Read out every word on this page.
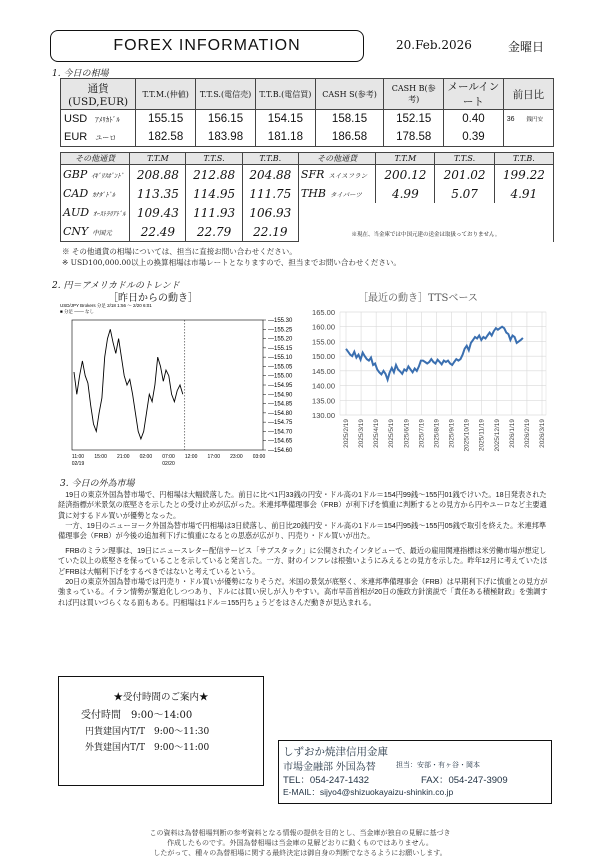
FOREX INFORMATION	20.Feb.2026	金曜日
1. 今日の相場
通貨(USD,EUR)	T.T.M.(仲値)	T.T.S.(電信売)	T.T.B.(電信買)	CASH S(参考)	CASH B(参考)	メールインート	前日比
USD ｱﾒﾘｶﾄﾞﾙ	155.15	156.15	154.15	158.15	152.15	0.40	36 銭円安
EUR ユーロ	182.58	183.98	181.18	186.58	178.58	0.39	
その他通貨	T.T.M	T.T.S.	T.T.B.	その他通貨	T.T.M	T.T.S.	T.T.B.
GBP ｲｷﾞﾘｽﾎﾟﾝﾄﾞ	208.88	212.88	204.88	SFR スイスフラン	200.12	201.02	199.22
CAD ｶﾅﾀﾞﾄﾞﾙ	113.35	114.95	111.75	THB タイバーツ	4.99	5.07	4.91
AUD ｵｰｽﾄﾗﾘｱﾄﾞﾙ	109.43	111.93	106.93	※現在、当金庫では中国元建の送金は取扱っておりません。			
CNY 中国元	22.49	22.79	22.19				
※ その他通貨の相場については、担当に直接お問い合わせください。
※ USD100,000.00以上の換算相場は市場レートとなりますので、担当までお問い合わせください。
2. 円＝アメリカドルのトレンド
［昨日からの動き］	［最近の動き］TTSベース
USD/JPY Brokers 分足 2/18 1:56 ～ 2/20 6:01
■ 分足 ─── なし
—155.30
—155.25
—155.20
—155.15
—155.10
—155.05
—155.00
—154.95
—154.90
—154.85
—154.80
—154.75
—154.70
—154.65
—154.60
11:00
02/19
15:00 21:00 02:00 07:00
02/20
12:00 17:00 23:00 03:00
165.00
160.00
155.00
150.00
145.00
140.00
135.00
130.00
2025/2/19 2025/3/19 2025/4/19 2025/5/19 2025/6/19 2025/7/19 2025/8/19 2025/9/19 2025/10/19 2025/11/19 2025/12/19 2026/1/19 2026/2/19 2026/3/19
3. 今日の外為市場
　19日の東京外国為替市場で、円相場は大幅続落した。前日に比べ1円33銭の円安・ドル高の1ドル＝154円99銭～155円01銭でけいた。18日発表された経済指標が米景気の底堅さを示したとの受け止めが広がった。米連邦準備理事会（FRB）が利下げを慎重に判断するとの見方から円やユーロなど主要通貨に対するドル買いが優勢となった。
　一方、19日のニューヨーク外国為替市場で円相場は3日続落し、前日比20銭円安・ドル高の1ドル＝154円95銭～155円05銭で取引を終えた。米連邦準備理事会（FRB）が今後の追加利下げに慎重になるとの思惑が広がり、円売り・ドル買いが出た。
　FRBのミラン理事は、19日にニュースレター配信サービス「サブスタック」に公開されたインタビューで、最近の雇用関連指標は米労働市場が想定していた以上の底堅さを保っていることを示していると発言した。一方、財のインフレは根強いようにみえるとの見方を示した。昨年12月に考えていたほどFRBは大幅利下げをするべきではないと考えているという。
　20日の東京外国為替市場では円売り・ドル買いが優勢になりそうだ。米国の景気が底堅く、米連邦準備理事会（FRB）は早期利下げに慎重との見方が強まっている。イラン情勢が緊迫化しつつあり、ドルには買い戻しが入りやすい。高市早苗首相が20日の施政方針演説で「責任ある積極財政」を強調すれば円は買いづらくなる面もある。円相場は1ドル＝155円ちょうどをはさんだ動きが見込まれる。
★受付時間のご案内★
受付時間　9:00～14:00
円貨建国内T/T　9:00～11:30
外貨建国内T/T　9:00～11:00	しずおか焼津信用金庫
市場金融部 外国為替	担当：安部・有ヶ谷・岡本
TEL：054-247-1432	FAX：054-247-3909
E-MAIL：sijyo4@shizuokayaizu-shinkin.co.jp
この資料は為替相場判断の参考資料となる情報の提供を目的とし、当金庫が独自の見解に基づき
作成したものです。外国為替相場は当金庫の見解どおりに動くものではありません。
したがって、種々の為替相場に関する最終決定は御自身の判断でなさるようにお願いします。
